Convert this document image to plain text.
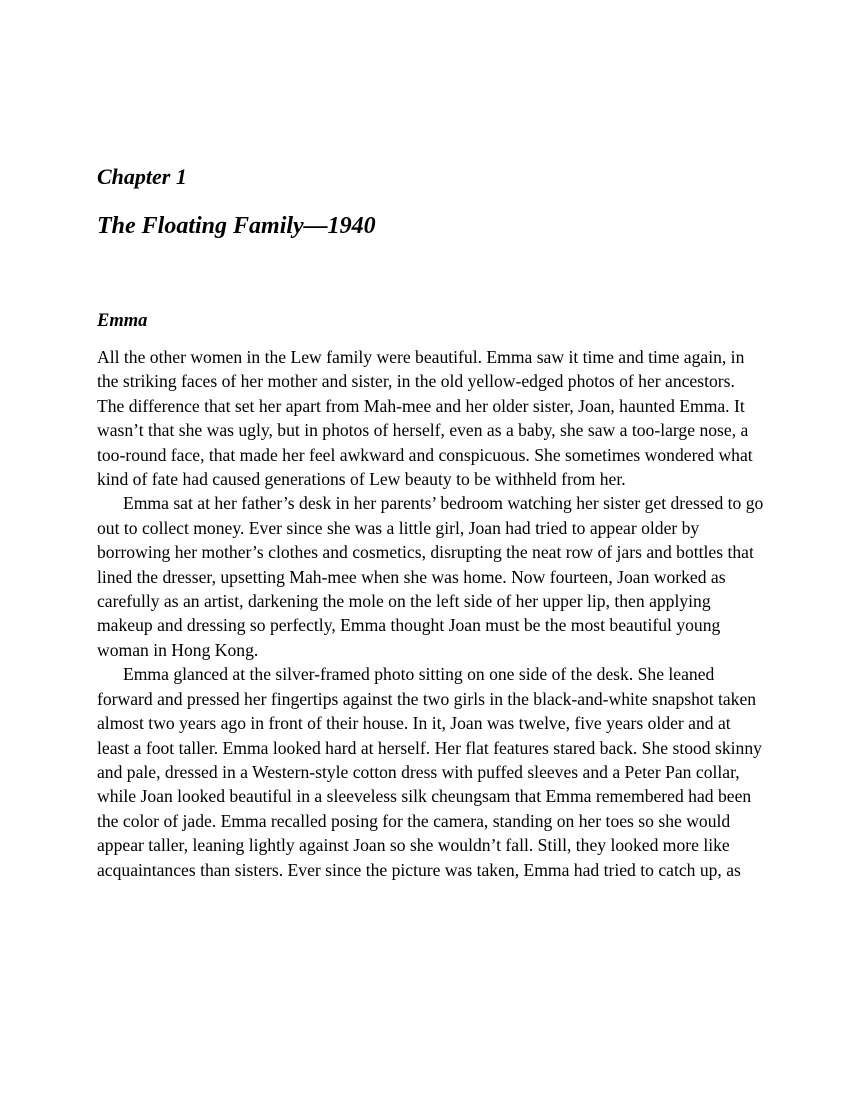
Chapter 1
The Floating Family—1940
Emma

All the other women in the Lew family were beautiful. Emma saw it time and time again, in the striking faces of her mother and sister, in the old yellow-edged photos of her ancestors. The difference that set her apart from Mah-mee and her older sister, Joan, haunted Emma. It wasn’t that she was ugly, but in photos of herself, even as a baby, she saw a too-large nose, a too-round face, that made her feel awkward and conspicuous. She sometimes wondered what kind of fate had caused generations of Lew beauty to be withheld from her.

Emma sat at her father’s desk in her parents’ bedroom watching her sister get dressed to go out to collect money. Ever since she was a little girl, Joan had tried to appear older by borrowing her mother’s clothes and cosmetics, disrupting the neat row of jars and bottles that lined the dresser, upsetting Mah-mee when she was home. Now fourteen, Joan worked as carefully as an artist, darkening the mole on the left side of her upper lip, then applying makeup and dressing so perfectly, Emma thought Joan must be the most beautiful young woman in Hong Kong.

Emma glanced at the silver-framed photo sitting on one side of the desk. She leaned forward and pressed her fingertips against the two girls in the black-and-white snapshot taken almost two years ago in front of their house. In it, Joan was twelve, five years older and at least a foot taller. Emma looked hard at herself. Her flat features stared back. She stood skinny and pale, dressed in a Western-style cotton dress with puffed sleeves and a Peter Pan collar, while Joan looked beautiful in a sleeveless silk cheungsam that Emma remembered had been the color of jade. Emma recalled posing for the camera, standing on her toes so she would appear taller, leaning lightly against Joan so she wouldn’t fall. Still, they looked more like acquaintances than sisters. Ever since the picture was taken, Emma had tried to catch up, as
